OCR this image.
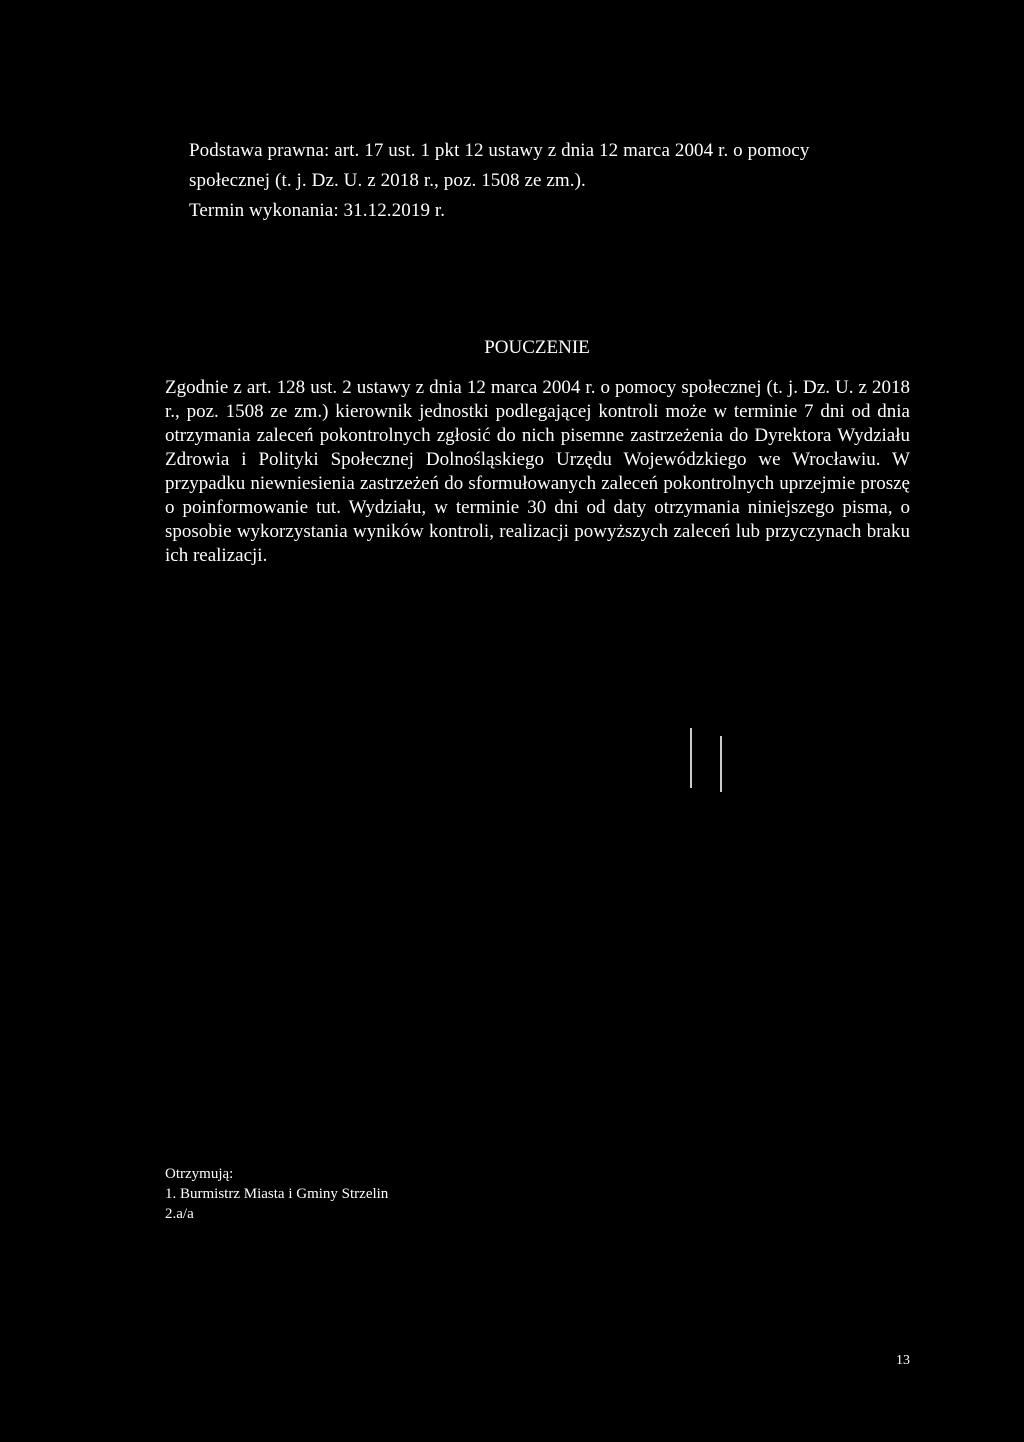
Podstawa prawna: art. 17 ust. 1 pkt 12 ustawy z dnia 12 marca 2004 r. o pomocy

społecznej (t. j. Dz. U. z 2018 r., poz. 1508 ze zm.).

Termin wykonania: 31.12.2019 r.

POUCZENIE

Zgodnie z art. 128 ust. 2 ustawy z dnia 12 marca 2004 r. o pomocy społecznej (t. j. Dz. U. z 2018 r., poz. 1508 ze zm.) kierownik jednostki podlegającej kontroli może w terminie 7 dni od dnia otrzymania zaleceń pokontrolnych zgłosić do nich pisemne zastrzeżenia do Dyrektora Wydziału Zdrowia i Polityki Społecznej Dolnośląskiego Urzędu Wojewódzkiego we Wrocławiu. W przypadku niewniesienia zastrzeżeń do sformułowanych zaleceń pokontrolnych uprzejmie proszę o poinformowanie tut. Wydziału, w terminie 30 dni od daty otrzymania niniejszego pisma, o sposobie wykorzystania wyników kontroli, realizacji powyższych zaleceń lub przyczynach braku ich realizacji.

Otrzymują:
1. Burmistrz Miasta i Gminy Strzelin
2.a/a
13
